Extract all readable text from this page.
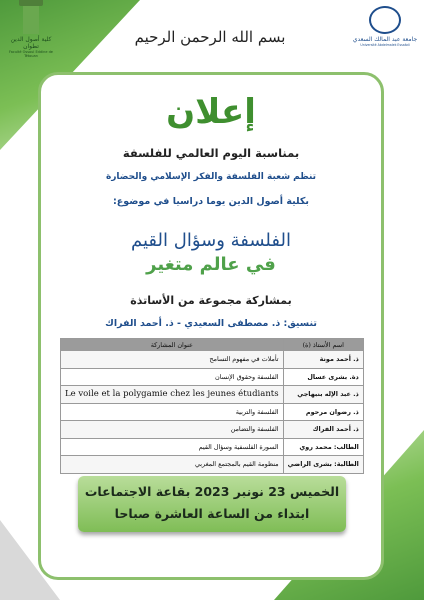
كلية أصول الدين تطوان
Faculté Ossoul Eddine de Tétouan
جامعة عبد المالك السعدي
Université Abdelmalek Essaâdi
بسم الله الرحمن الرحيم
إعلان
بمناسبة اليوم العالمي للفلسفة
تنظم شعبة الفلسفة والفكر الإسلامي والحضارة
بكلية أصول الدين يوما دراسيا في موضوع:
الفلسفة وسؤال القيم
في عالم متغير
بمشاركة مجموعة من الأساتذة
تنسيق: ذ. مصطفى السعيدي - ذ. أحمد الفراك
اسم الأستاذ (ة)	عنوان المشاركة
ذ. أحمد مونة	تأملات في مفهوم التسامح
دة. بشرى عسال	الفلسفة وحقوق الإنسان
ذ. عبد الإله بنبهاجي	Le voile et la polygamie chez les jeunes étudiants
ذ. رضوان مرحوم	الفلسفة والتربية
ذ. أحمد الفراك	الفلسفة والتضامن
الطالب: محمد روي	السورة الفلسفية وسؤال القيم
الطالبة: بشرى الراضي	منظومة القيم بالمجتمع المغربي
الخميس 23 نونبر 2023 بقاعة الاجتماعات
ابتداء من الساعة العاشرة صباحا
